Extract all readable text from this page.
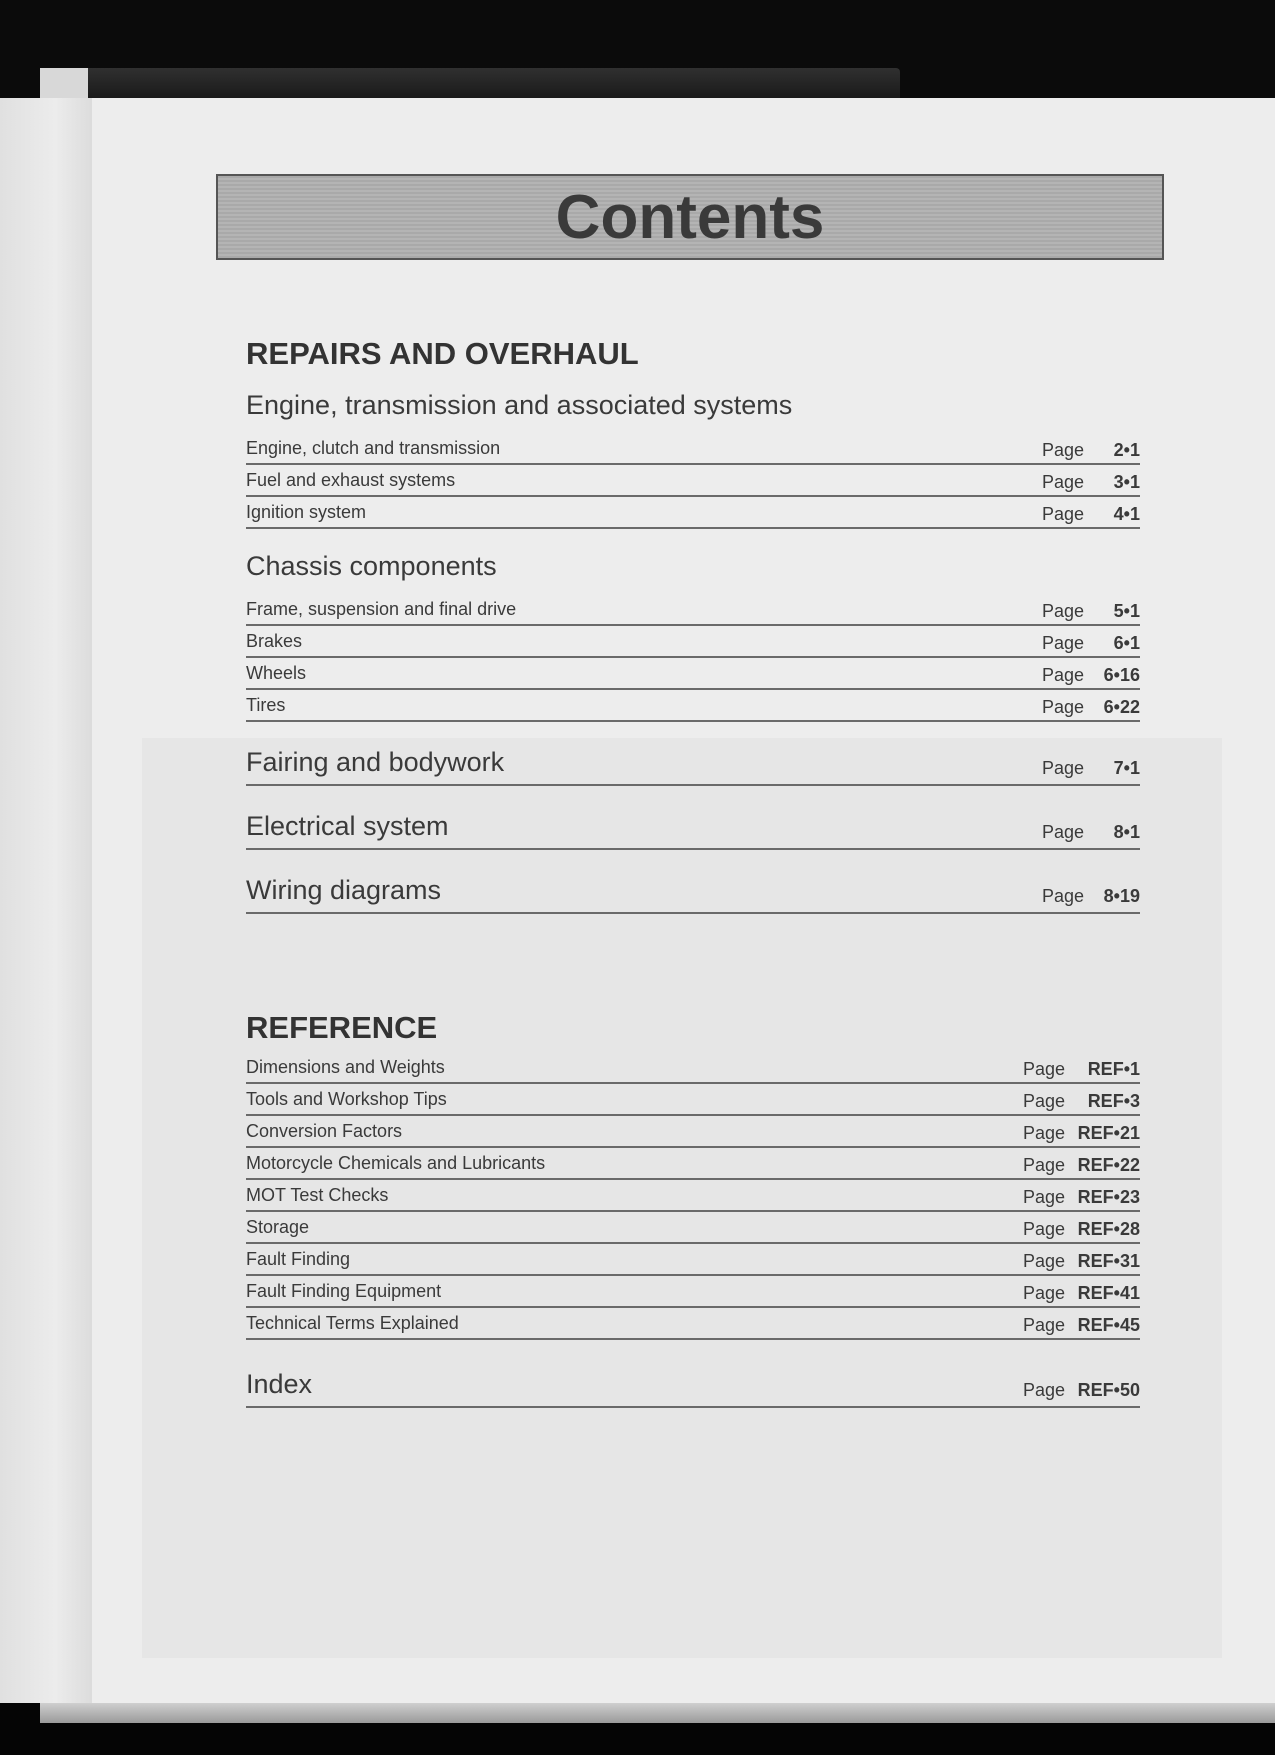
Contents
REPAIRS AND OVERHAUL
Engine, transmission and associated systems
Engine, clutch and transmission	Page 2•1
Fuel and exhaust systems	Page 3•1
Ignition system	Page 4•1
Chassis components
Frame, suspension and final drive	Page 5•1
Brakes	Page 6•1
Wheels	Page 6•16
Tires	Page 6•22
Fairing and bodywork	Page 7•1
Electrical system	Page 8•1
Wiring diagrams	Page 8•19
REFERENCE
Dimensions and Weights	Page REF•1
Tools and Workshop Tips	Page REF•3
Conversion Factors	Page REF•21
Motorcycle Chemicals and Lubricants	Page REF•22
MOT Test Checks	Page REF•23
Storage	Page REF•28
Fault Finding	Page REF•31
Fault Finding Equipment	Page REF•41
Technical Terms Explained	Page REF•45
Index	Page REF•50
